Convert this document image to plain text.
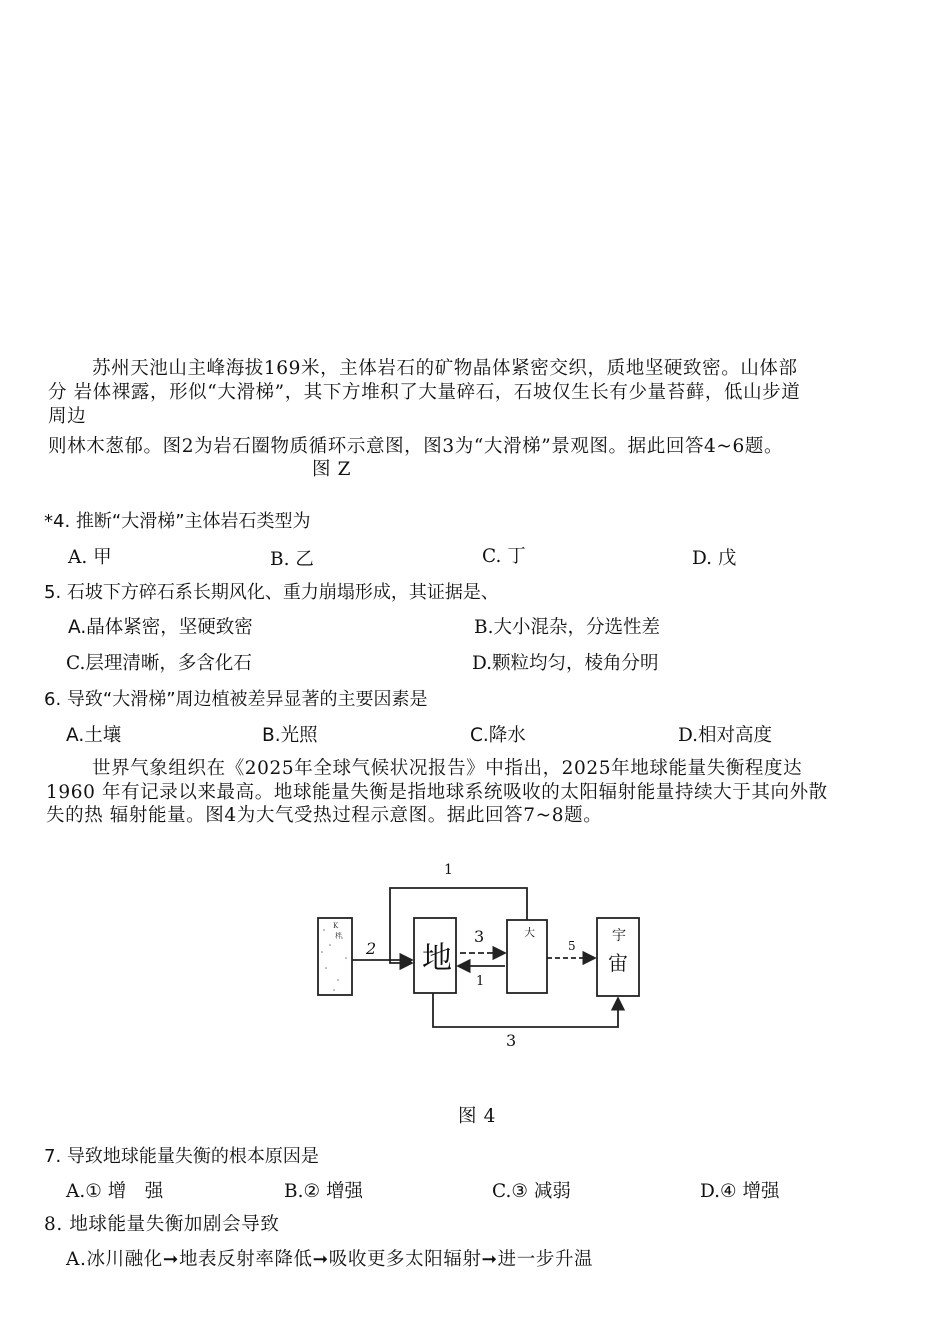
苏州天池山主峰海拔169米，主体岩石的矿物晶体紧密交织，质地坚硬致密。山体部
分 岩体裸露，形似“大滑梯”，其下方堆积了大量碎石，石坡仅生长有少量苔藓，低山步道
周边
则林木葱郁。图2为岩石圈物质循环示意图，图3为“大滑梯”景观图。据此回答4~6题。
图 Z
*4. 推断“大滑梯”主体岩石类型为
A. 甲	B. 乙	C. 丁	D. 戊
5. 石坡下方碎石系长期风化、重力崩塌形成，其证据是、
A.晶体紧密，坚硬致密	B.大小混杂，分选性差
C.层理清晰，多含化石	D.颗粒均匀，棱角分明
6. 导致“大滑梯”周边植被差异显著的主要因素是
A.土壤	B.光照	C.降水	D.相对高度
世界气象组织在《2025年全球气候状况报告》中指出，2025年地球能量失衡程度达
1960 年有记录以来最高。地球能量失衡是指地球系统吸收的太阳辐射能量持续大于其向外散
失的热 辐射能量。图4为大气受热过程示意图。据此回答7~8题。
K
柈
地
大	宇
宙
1
2
3
1
5
3
图 4
7. 导致地球能量失衡的根本原因是
A.① 增　强	B.② 增强	C.③ 减弱	D.④ 增强
8. 地球能量失衡加剧会导致
A.冰川融化➞地表反射率降低➞吸收更多太阳辐射➞进一步升温
